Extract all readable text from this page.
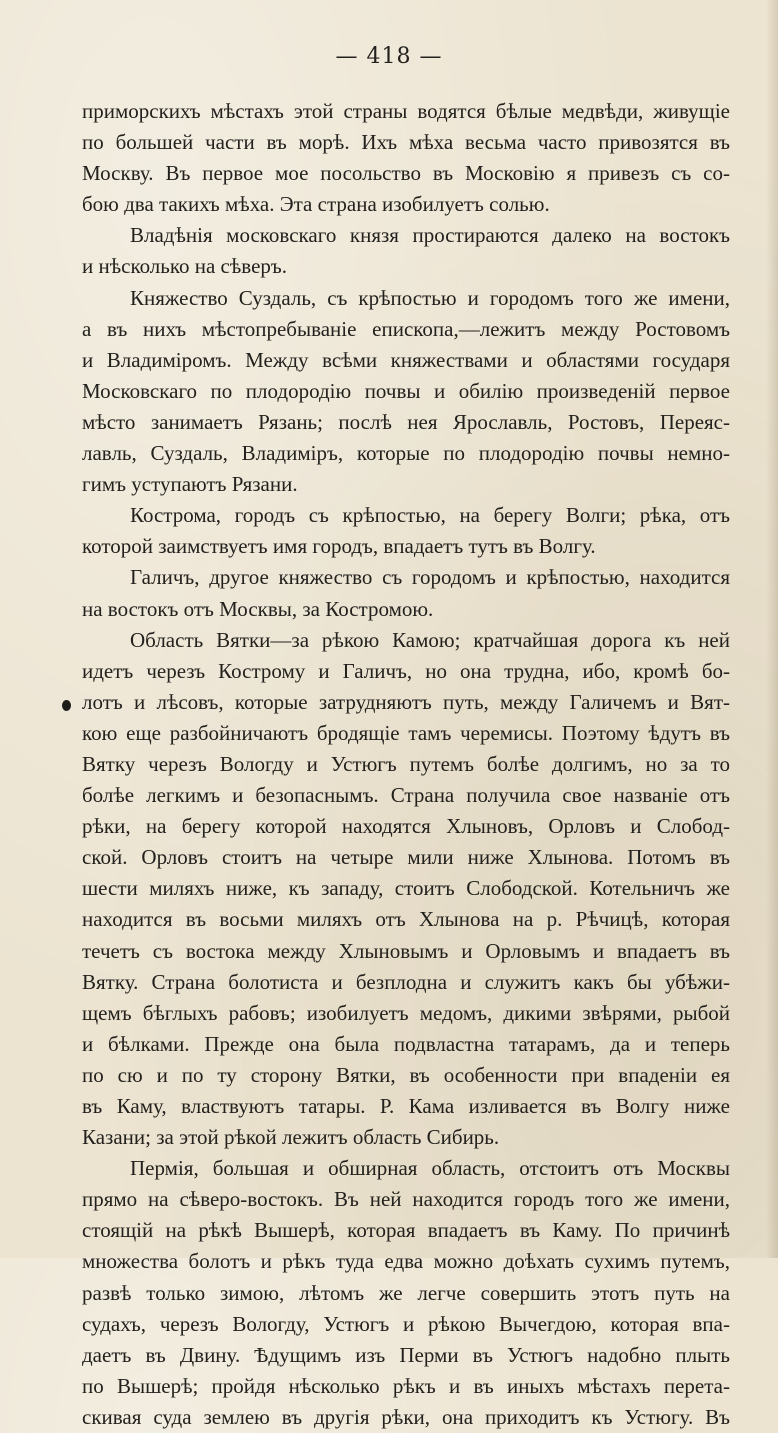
— 418 —
приморскихъ мѣстахъ этой страны водятся бѣлые медвѣди, живущіе
по большей части въ морѣ. Ихъ мѣха весьма часто привозятся въ
Москву. Въ первое мое посольство въ Московію я привезъ съ со-
бою два такихъ мѣха. Эта страна изобилуетъ солью.
Владѣнія московскаго князя простираются далеко на востокъ
и нѣсколько на сѣверъ.
Княжество Суздаль, съ крѣпостью и городомъ того же имени,
а въ нихъ мѣстопребываніе епископа,—лежитъ между Ростовомъ
и Владиміромъ. Между всѣми княжествами и областями государя
Московскаго по плодородію почвы и обилію произведеній первое
мѣсто занимаетъ Рязань; послѣ нея Ярославль, Ростовъ, Переяс-
лавль, Суздаль, Владиміръ, которые по плодородію почвы немно-
гимъ уступаютъ Рязани.
Кострома, городъ съ крѣпостью, на берегу Волги; рѣка, отъ
которой заимствуетъ имя городъ, впадаетъ тутъ въ Волгу.
Галичъ, другое княжество съ городомъ и крѣпостью, находится
на востокъ отъ Москвы, за Костромою.
Область Вятки—за рѣкою Камою; кратчайшая дорога къ ней
идетъ черезъ Кострому и Галичъ, но она трудна, ибо, кромѣ бо-
лотъ и лѣсовъ, которые затрудняютъ путь, между Галичемъ и Вят-
кою еще разбойничаютъ бродящіе тамъ черемисы. Поэтому ѣдутъ въ
Вятку черезъ Вологду и Устюгъ путемъ болѣе долгимъ, но за то
болѣе легкимъ и безопаснымъ. Страна получила свое названіе отъ
рѣки, на берегу которой находятся Хлыновъ, Орловъ и Слобод-
ской. Орловъ стоитъ на четыре мили ниже Хлынова. Потомъ въ
шести миляхъ ниже, къ западу, стоитъ Слободской. Котельничъ же
находится въ восьми миляхъ отъ Хлынова на р. Рѣчицѣ, которая
течетъ съ востока между Хлыновымъ и Орловымъ и впадаетъ въ
Вятку. Страна болотиста и безплодна и служитъ какъ бы убѣжи-
щемъ бѣглыхъ рабовъ; изобилуетъ медомъ, дикими звѣрями, рыбой
и бѣлками. Прежде она была подвластна татарамъ, да и теперь
по сю и по ту сторону Вятки, въ особенности при впаденіи ея
въ Каму, властвуютъ татары. Р. Кама изливается въ Волгу ниже
Казани; за этой рѣкой лежитъ область Сибирь.
Пермія, большая и обширная область, отстоитъ отъ Москвы
прямо на сѣверо-востокъ. Въ ней находится городъ того же имени,
стоящій на рѣкѣ Вышерѣ, которая впадаетъ въ Каму. По причинѣ
множества болотъ и рѣкъ туда едва можно доѣхать сухимъ путемъ,
развѣ только зимою, лѣтомъ же легче совершить этотъ путь на
судахъ, черезъ Вологду, Устюгъ и рѣкою Вычегдою, которая впа-
даетъ въ Двину. Ѣдущимъ изъ Перми въ Устюгъ надобно плыть
по Вышерѣ; пройдя нѣсколько рѣкъ и въ иныхъ мѣстахъ перета-
скивая суда землею въ другія рѣки, она приходитъ къ Устюгу. Въ
